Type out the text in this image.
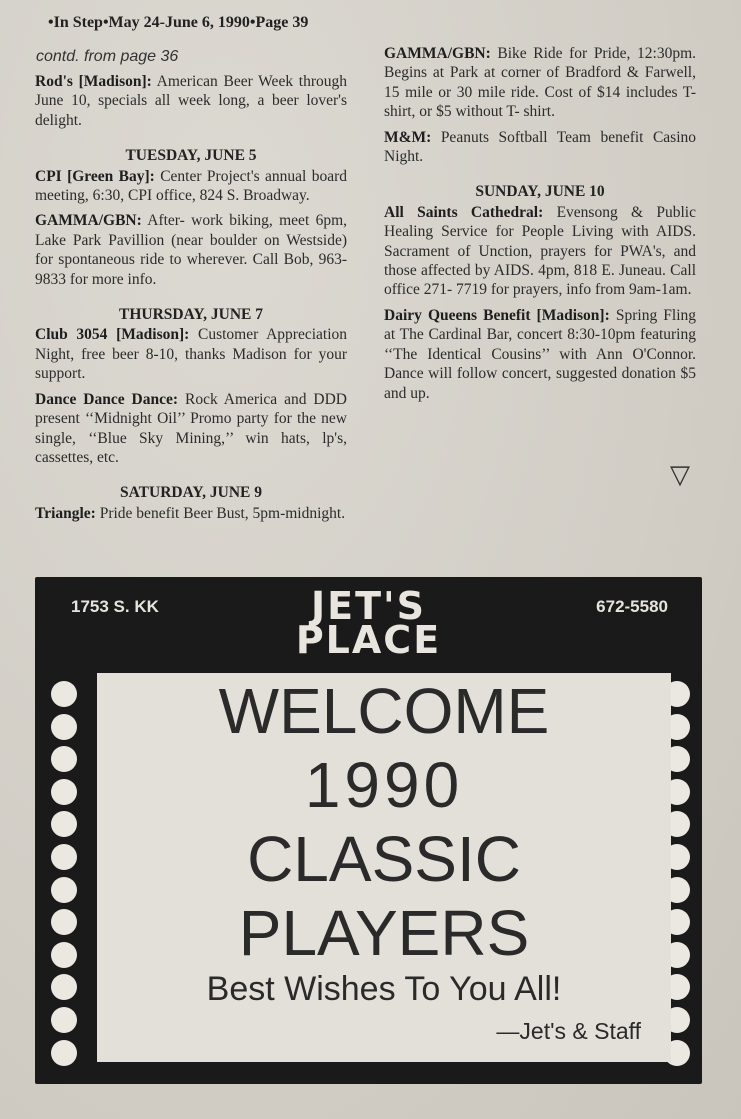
•In Step•May 24-June 6, 1990•Page 39
contd. from page 36
Rod's [Madison]: American Beer Week through June 10, specials all week long, a beer lover's delight.
TUESDAY, JUNE 5
CPI [Green Bay]: Center Project's annual board meeting, 6:30, CPI office, 824 S. Broadway.
GAMMA/GBN: After- work biking, meet 6pm, Lake Park Pavillion (near boulder on Westside) for spontaneous ride to wherever. Call Bob, 963-9833 for more info.
THURSDAY, JUNE 7
Club 3054 [Madison]: Customer Appreciation Night, free beer 8-10, thanks Madison for your support.
Dance Dance Dance: Rock America and DDD present ‘‘Midnight Oil’’ Promo party for the new single, ‘‘Blue Sky Mining,’’ win hats, lp's, cassettes, etc.
SATURDAY, JUNE 9
Triangle: Pride benefit Beer Bust, 5pm-midnight.
GAMMA/GBN: Bike Ride for Pride, 12:30pm. Begins at Park at corner of Bradford & Farwell, 15 mile or 30 mile ride. Cost of $14 includes T-shirt, or $5 without T- shirt.
M&M: Peanuts Softball Team benefit Casino Night.
SUNDAY, JUNE 10
All Saints Cathedral: Evensong & Public Healing Service for People Living with AIDS. Sacrament of Unction, prayers for PWA's, and those affected by AIDS. 4pm, 818 E. Juneau. Call office 271- 7719 for prayers, info from 9am-1am.
Dairy Queens Benefit [Madison]: Spring Fling at The Cardinal Bar, concert 8:30-10pm featuring ‘‘The Identical Cousins’’ with Ann O'Connor. Dance will follow concert, suggested donation $5 and up.
▽
1753 S. KK	672-5580
JET'S
PLACE
WELCOME
1990
CLASSIC
PLAYERS
Best Wishes To You All!
—Jet's & Staff
